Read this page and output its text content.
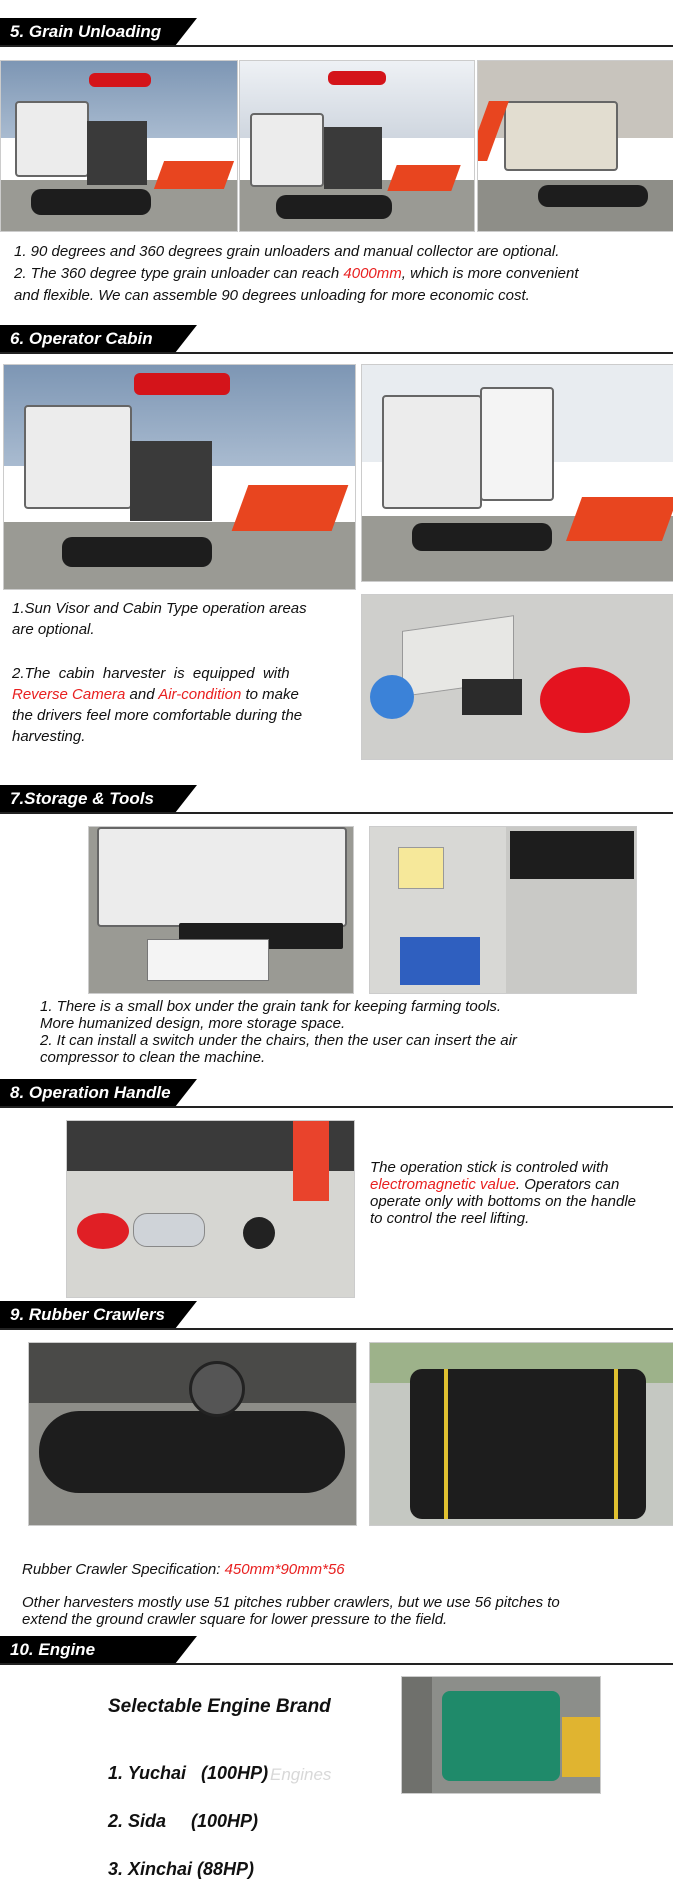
5. Grain Unloading
1. 90 degrees and 360 degrees grain unloaders and manual collector are optional.
2. The 360 degree type grain unloader can reach 4000mm, which is more convenient
and flexible. We can assemble 90 degrees unloading for more economic cost.
6. Operator Cabin
1.Sun Visor and Cabin Type operation areas
are optional.
2.The  cabin  harvester  is  equipped  with
Reverse Camera and Air-condition to make
the drivers feel more comfortable during the
harvesting.
7.Storage & Tools
1. There is a small box under the grain tank for keeping farming tools.
More humanized design, more storage space.
2. It can install a switch under the chairs, then the user can insert the air
compressor to clean the machine.
8. Operation Handle
The operation stick is controled with
electromagnetic value. Operators can
operate only with bottoms on the handle
to control the reel lifting.
9. Rubber Crawlers
Rubber Crawler Specification: 450mm*90mm*56
Other harvesters mostly use 51 pitches rubber crawlers, but we use 56 pitches to
extend the ground crawler square for lower pressure to the field.
10. Engine
Selectable Engine Brand

1. Yuchai   (100HP)

2. Sida     (100HP)

3. Xinchai (88HP)

Engines
